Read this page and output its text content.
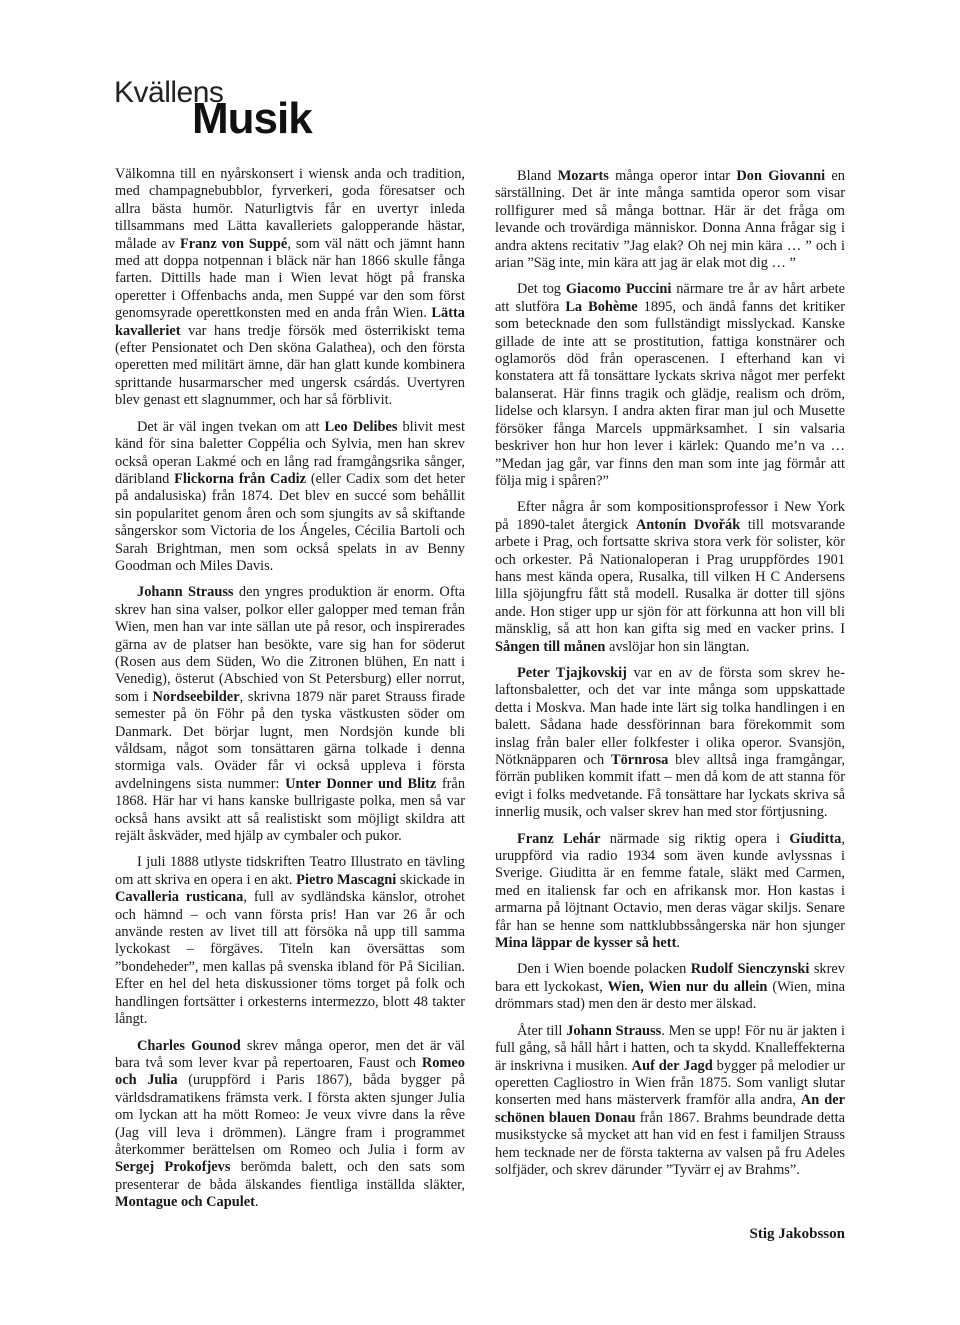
Kvällens
Musik

Välkomna till en nyårskonsert i wiensk anda och tradition, med champagnebubblor, fyrverkeri, goda föresatser och allra bästa humör. Naturligtvis får en uvertyr inleda tillsammans med Lätta kavalleriets galopperande hästar, målade av Franz von Suppé, som väl nätt och jämnt hann med att doppa notpennan i bläck när han 1866 skulle fånga farten. Dittills hade man i Wien levat högt på franska operetter i Offenbachs anda, men Suppé var den som först genomsyrade operettkonsten med en anda från Wien. Lätta kavalleriet var hans tredje försök med österrikiskt tema (efter Pensionatet och Den sköna Galathea), och den första operetten med militärt ämne, där han glatt kunde kombinera sprittande husarmarscher med ungersk csárdás. Uvertyren blev genast ett slagnummer, och har så förblivit.

Det är väl ingen tvekan om att Leo Delibes blivit mest känd för sina baletter Coppélia och Sylvia, men han skrev också operan Lakmé och en lång rad framgångsrika sånger, däribland Flickorna från Cadiz (eller Cadix som det heter på andalusiska) från 1874. Det blev en succé som behållit sin popularitet genom åren och som sjungits av så skiftande sångerskor som Victoria de los Ángeles, Cécilia Bartoli och Sarah Brightman, men som också spelats in av Benny Goodman och Miles Davis.

Johann Strauss den yngres produktion är enorm. Ofta skrev han sina valser, polkor eller galopper med teman från Wien, men han var inte sällan ute på resor, och inspirerades gärna av de platser han besökte, vare sig han for söderut (Rosen aus dem Süden, Wo die Zitronen blühen, En natt i Venedig), österut (Abschied von St Petersburg) eller norrut, som i Nordseebilder, skrivna 1879 när paret Strauss firade semester på ön Föhr på den tyska västkusten söder om Danmark. Det börjar lugnt, men Nordsjön kunde bli våldsam, något som tonsättaren gärna tolkade i denna stormiga vals. Oväder får vi också uppleva i första avdelningens sista nummer: Unter Donner und Blitz från 1868. Här har vi hans kanske bullrigaste polka, men så var också hans avsikt att så realistiskt som möjligt skildra att rejält åskväder, med hjälp av cymbaler och pukor.

I juli 1888 utlyste tidskriften Teatro Illustrato en tävling om att skriva en opera i en akt. Pietro Mascagni skickade in Cavalleria rusticana, full av sydländska känslor, otrohet och hämnd – och vann första pris! Han var 26 år och använde resten av livet till att försöka nå upp till samma lyckokast – förgäves. Titeln kan översättas som ”bondeheder”, men kallas på svenska ibland för På Sicilian. Efter en hel del heta diskussioner töms torget på folk och handlingen fortsätter i orkesterns intermezzo, blott 48 takter långt.

Charles Gounod skrev många operor, men det är väl bara två som lever kvar på repertoaren, Faust och Romeo och Julia (uruppförd i Paris 1867), båda bygger på världsdramatikens främsta verk. I första akten sjunger Julia om lyckan att ha mött Romeo: Je veux vivre dans la rêve (Jag vill leva i drömmen). Längre fram i programmet återkommer berättelsen om Romeo och Julia i form av Sergej Prokofjevs berömda balett, och den sats som presenterar de båda älskandes fientliga inställda släkter, Montague och Capulet.

Bland Mozarts många operor intar Don Giovanni en särställning. Det är inte många samtida operor som visar rollfigurer med så många bottnar. Här är det fråga om levande och trovärdiga människor. Donna Anna frågar sig i andra aktens recitativ ”Jag elak? Oh nej min kära … ” och i arian ”Säg inte, min kära att jag är elak mot dig … ”

Det tog Giacomo Puccini närmare tre år av hårt arbete att slutföra La Bohème 1895, och ändå fanns det kritiker som betecknade den som fullständigt misslyckad. Kanske gillade de inte att se prostitution, fattiga konstnärer och oglamorös död från operascenen. I efterhand kan vi konstatera att få tonsättare lyckats skriva något mer perfekt balanserat. Här finns tragik och glädje, realism och dröm, lidelse och klarsyn. I andra akten firar man jul och Musette försöker fånga Marcels uppmärksamhet. I sin valsaria beskriver hon hur hon lever i kärlek: Quando me’n va … ”Medan jag går, var finns den man som inte jag förmår att följa mig i spåren?”

Efter några år som kompositionsprofessor i New York på 1890-talet återgick Antonín Dvořák till motsvarande arbete i Prag, och fortsatte skriva stora verk för solister, kör och orkester. På Nationaloperan i Prag uruppfördes 1901 hans mest kända opera, Rusalka, till vilken H C Andersens lilla sjöjungfru fått stå modell. Rusalka är dotter till sjöns ande. Hon stiger upp ur sjön för att förkunna att hon vill bli mänsklig, så att hon kan gifta sig med en vacker prins. I Sången till månen avslöjar hon sin längtan.

Peter Tjajkovskij var en av de första som skrev helaftonsbaletter, och det var inte många som uppskattade detta i Moskva. Man hade inte lärt sig tolka handlingen i en balett. Sådana hade dessförinnan bara förekommit som inslag från baler eller folkfester i olika operor. Svansjön, Nötknäpparen och Törnrosa blev alltså inga framgångar, förrän publiken kommit ifatt – men då kom de att stanna för evigt i folks medvetande. Få tonsättare har lyckats skriva så innerlig musik, och valser skrev han med stor förtjusning.

Franz Lehár närmade sig riktig opera i Giuditta, uruppförd via radio 1934 som även kunde avlyssnas i Sverige. Giuditta är en femme fatale, släkt med Carmen, med en italiensk far och en afrikansk mor. Hon kastas i armarna på löjtnant Octavio, men deras vägar skiljs. Senare får han se henne som nattklubbssångerska när hon sjunger Mina läppar de kysser så hett.

Den i Wien boende polacken Rudolf Sienczynski skrev bara ett lyckokast, Wien, Wien nur du allein (Wien, mina drömmars stad) men den är desto mer älskad.

Åter till Johann Strauss. Men se upp! För nu är jakten i full gång, så håll hårt i hatten, och ta skydd. Knalleffekterna är inskrivna i musiken. Auf der Jagd bygger på melodier ur operetten Cagliostro in Wien från 1875. Som vanligt slutar konserten med hans mästerverk framför alla andra, An der schönen blauen Donau från 1867. Brahms beundrade detta musikstycke så mycket att han vid en fest i familjen Strauss hem tecknade ner de första takterna av valsen på fru Adeles solfjäder, och skrev därunder ”Tyvärr ej av Brahms”.

Stig Jakobsson
